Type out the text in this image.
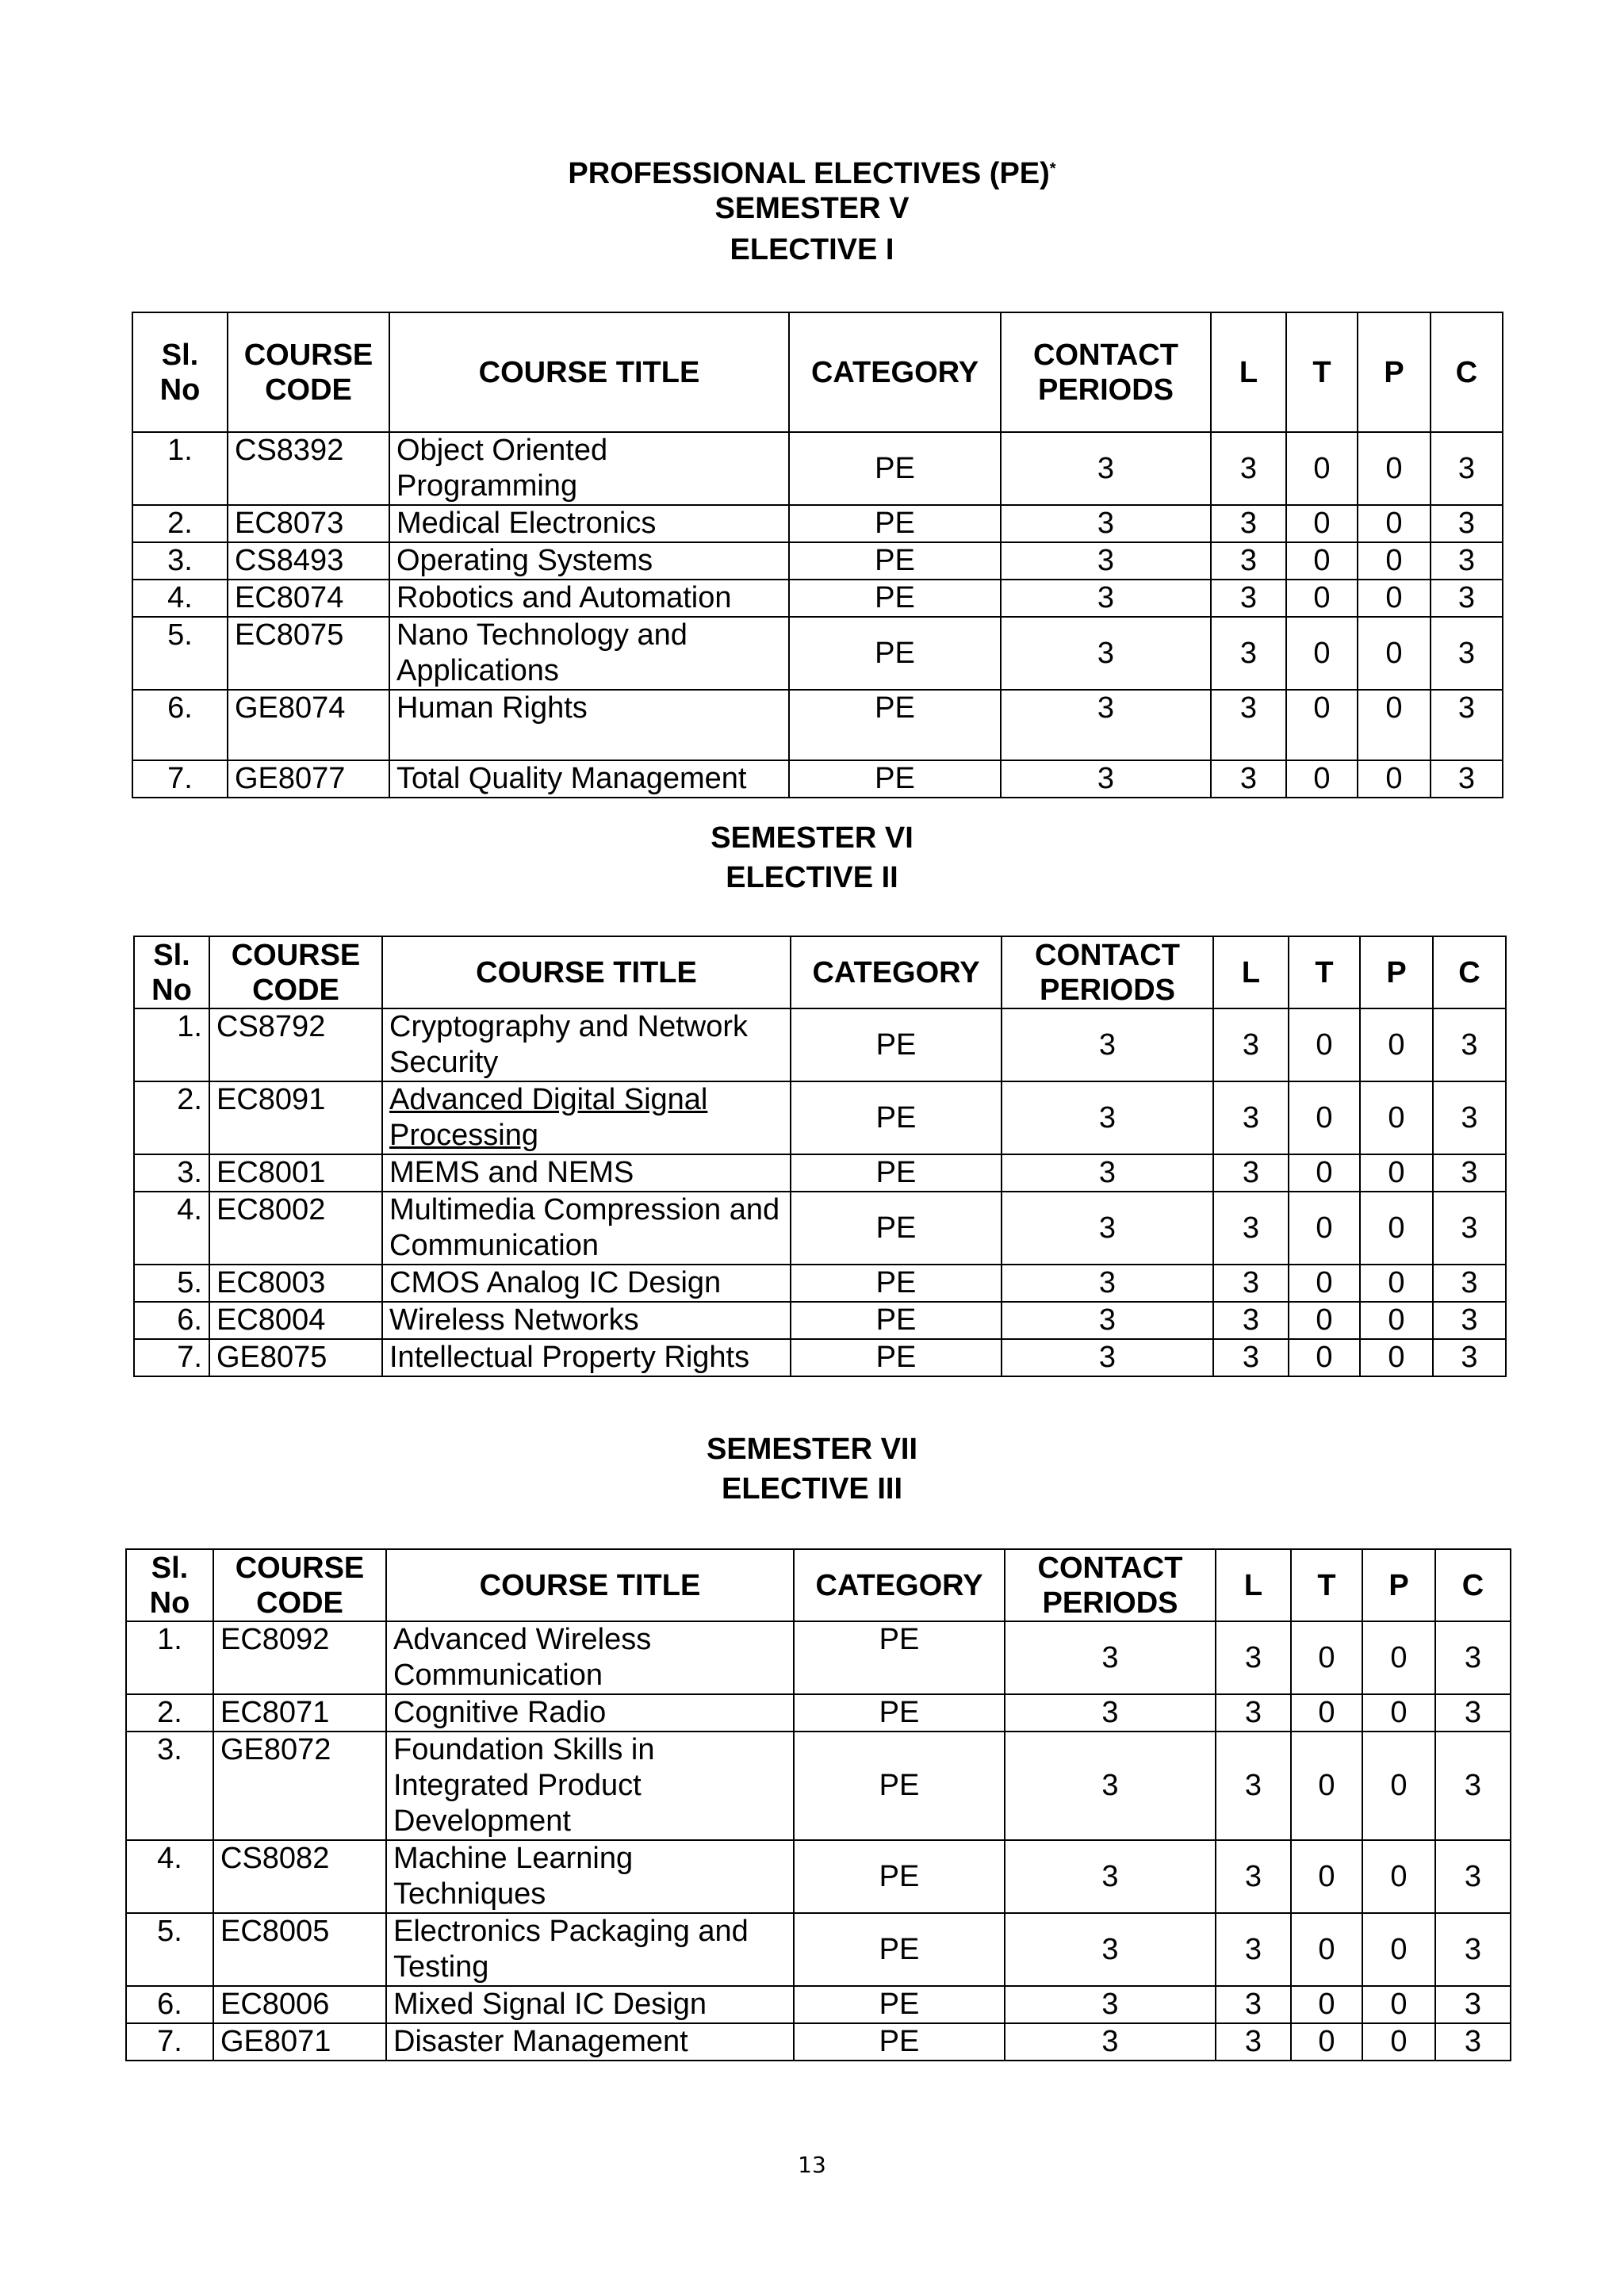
PROFESSIONAL ELECTIVES (PE)*
SEMESTER V
ELECTIVE I
Sl. No	COURSE CODE	COURSE TITLE	CATEGORY	CONTACT PERIODS	L	T	P	C
1.	CS8392	Object Oriented Programming	PE	3	3	0	0	3
2.	EC8073	Medical Electronics	PE	3	3	0	0	3
3.	CS8493	Operating Systems	PE	3	3	0	0	3
4.	EC8074	Robotics and Automation	PE	3	3	0	0	3
5.	EC8075	Nano Technology and Applications	PE	3	3	0	0	3
6.	GE8074	Human Rights	PE	3	3	0	0	3
7.	GE8077	Total Quality Management	PE	3	3	0	0	3
SEMESTER VI
ELECTIVE II
Sl. No	COURSE CODE	COURSE TITLE	CATEGORY	CONTACT PERIODS	L	T	P	C
1.	CS8792	Cryptography and Network Security	PE	3	3	0	0	3
2.	EC8091	Advanced Digital Signal Processing	PE	3	3	0	0	3
3.	EC8001	MEMS and NEMS	PE	3	3	0	0	3
4.	EC8002	Multimedia Compression and Communication	PE	3	3	0	0	3
5.	EC8003	CMOS Analog IC Design	PE	3	3	0	0	3
6.	EC8004	Wireless Networks	PE	3	3	0	0	3
7.	GE8075	Intellectual Property Rights	PE	3	3	0	0	3
SEMESTER VII
ELECTIVE III
Sl. No	COURSE CODE	COURSE TITLE	CATEGORY	CONTACT PERIODS	L	T	P	C
1.	EC8092	Advanced Wireless Communication	PE	3	3	0	0	3
2.	EC8071	Cognitive Radio	PE	3	3	0	0	3
3.	GE8072	Foundation Skills in Integrated Product Development	PE	3	3	0	0	3
4.	CS8082	Machine Learning Techniques	PE	3	3	0	0	3
5.	EC8005	Electronics Packaging and Testing	PE	3	3	0	0	3
6.	EC8006	Mixed Signal IC Design	PE	3	3	0	0	3
7.	GE8071	Disaster Management	PE	3	3	0	0	3
13
